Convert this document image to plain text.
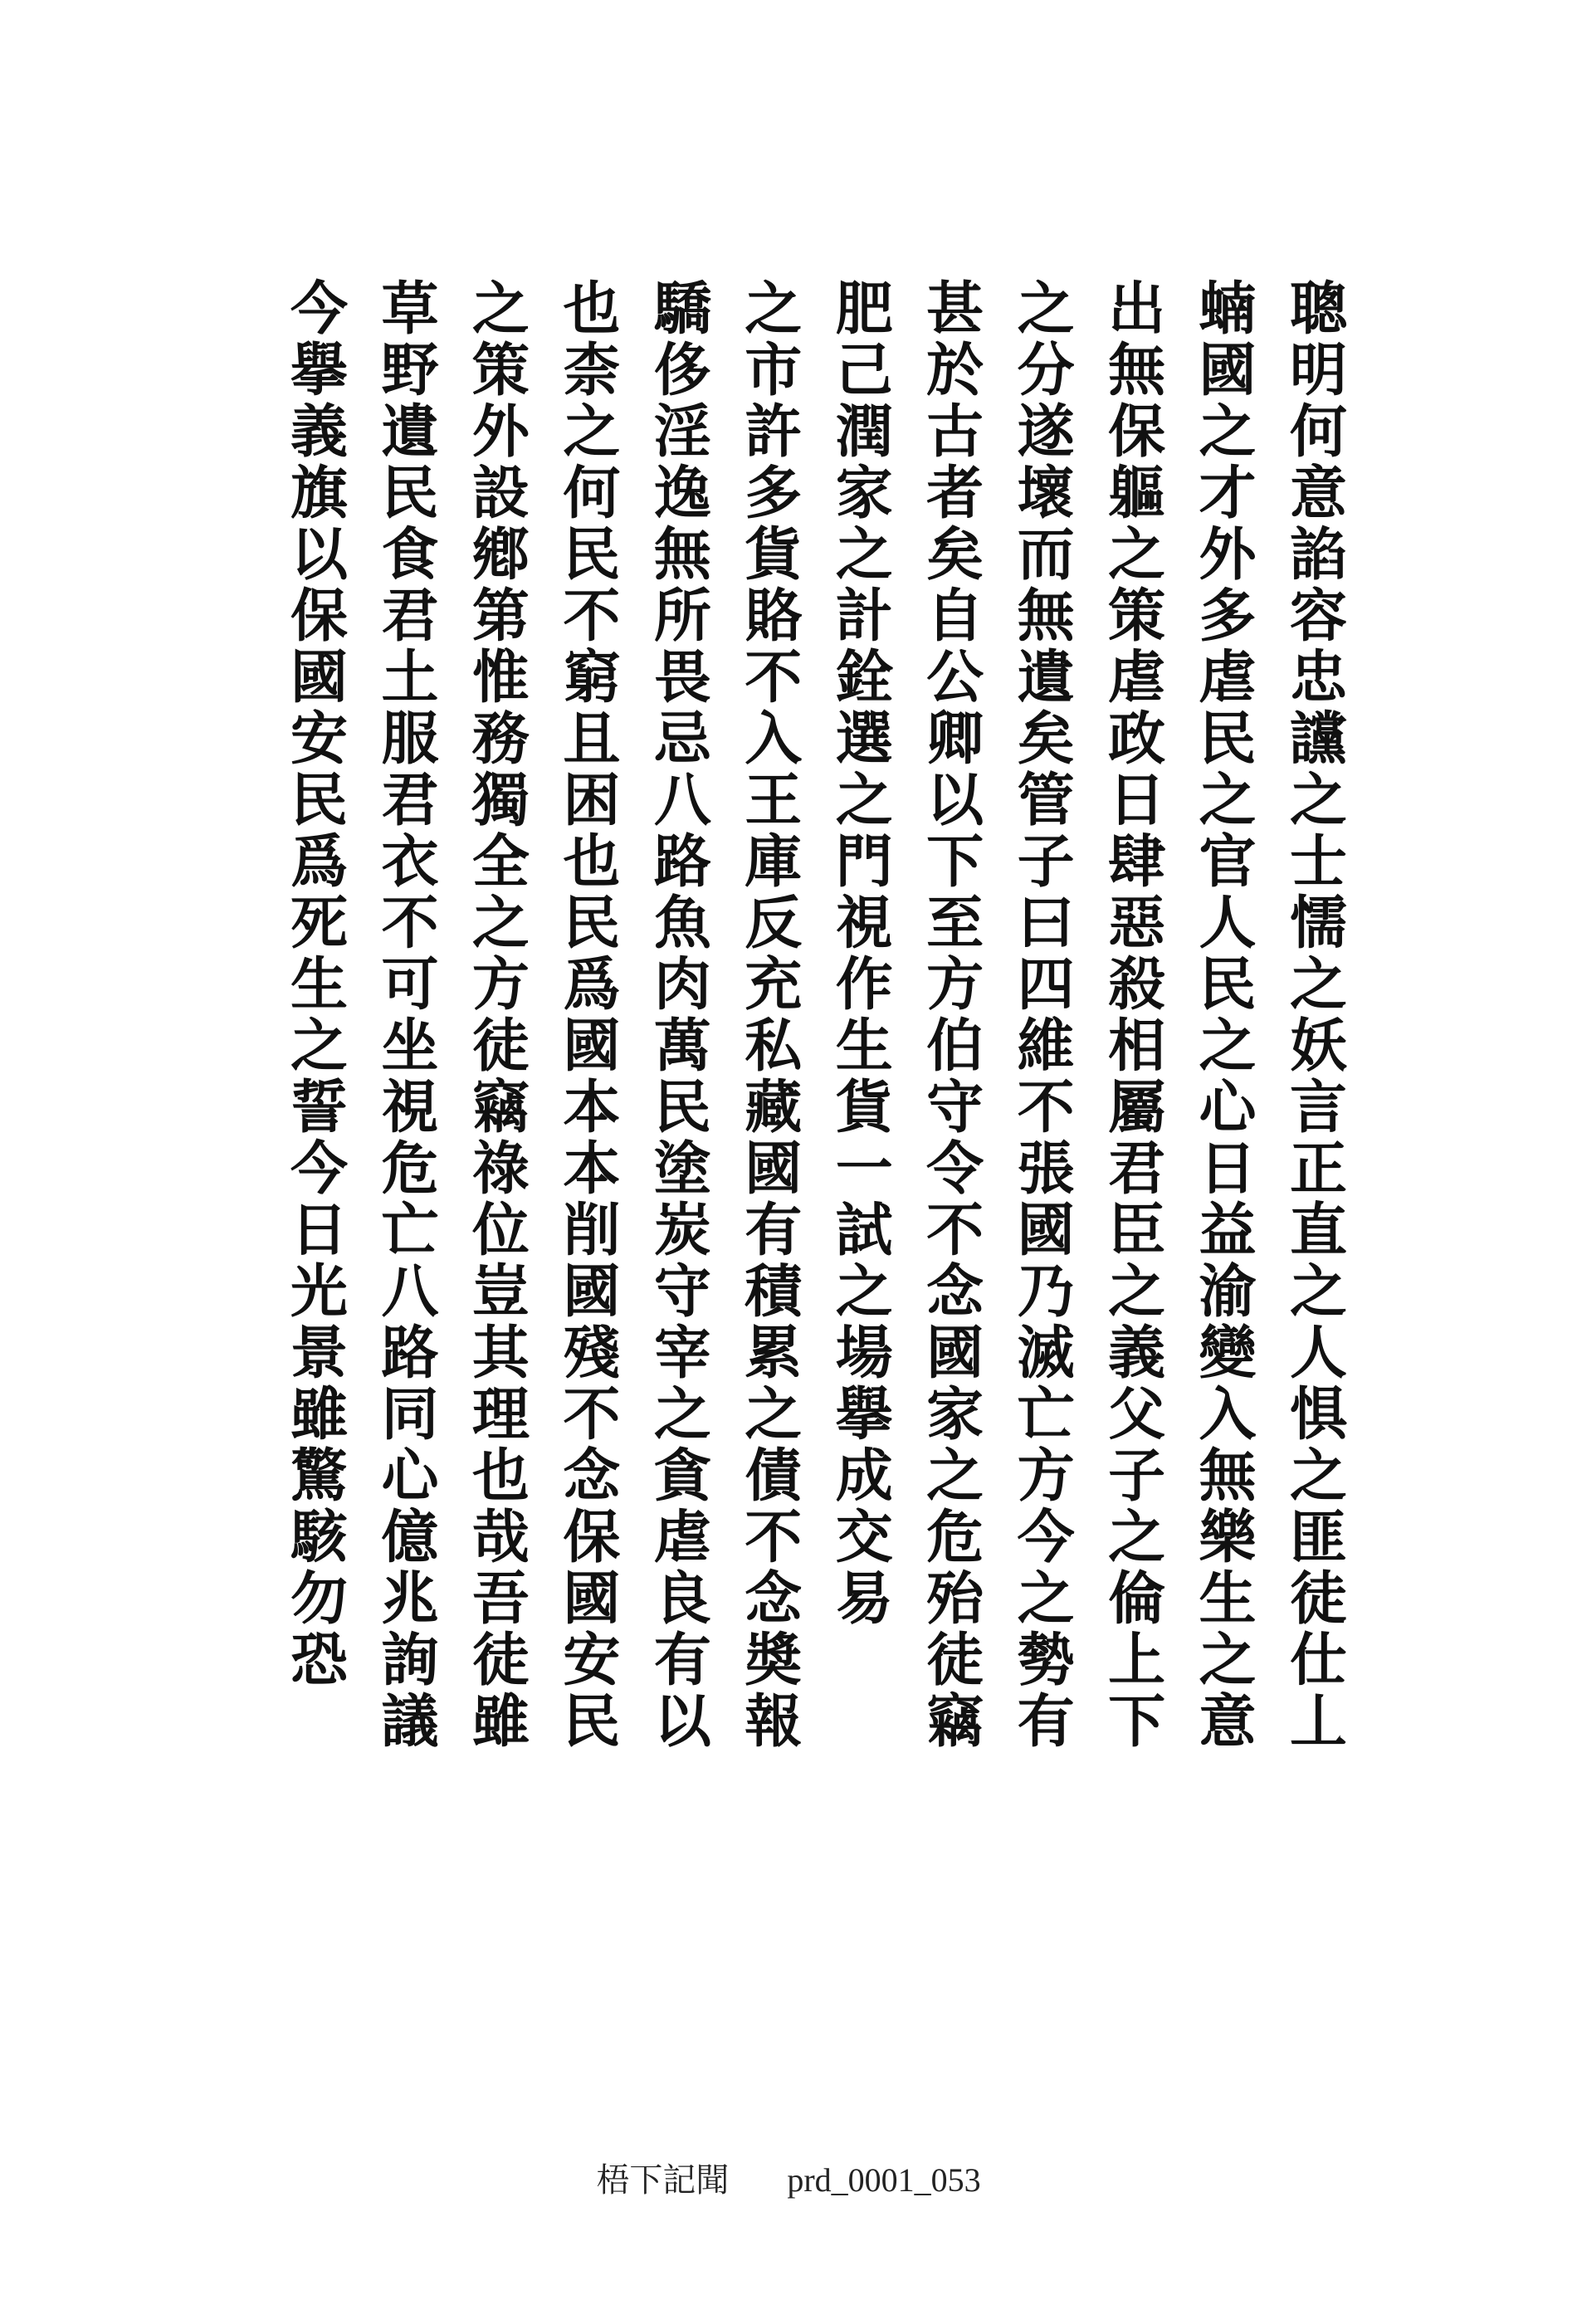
聰明何意諂容忠讜之士懦之妖言正直之人惧之匪徒仕丄
蝻國之才外多虐民之官人民之心日益渝變入無樂生之意
出無保軀之策虐政日肆惡殺相屬君臣之義父子之倫上下
之分遂壞而無遺矣管子曰四維不張國乃滅亡方今之勢有
甚於古者矣自公卿以下至方伯守令不念國家之危殆徒竊
肥己潤家之計銓選之門視作生貨一試之場擧成交易
之市許多貨賂不入王庫反充私藏國有積累之債不念奬報
驕侈淫逸無所畏忌八路魚肉萬民塗炭守宰之貪虐良有以
也柰之何民不窮且困也民爲國本本削國殘不念保國安民
之策外設鄕第惟務獨全之方徒竊祿位豈其理也哉吾徒雖
草野遺民食君土服君衣不可坐視危亡八路同心億兆詢議
今擧義旗以保國安民爲死生之誓今日光景雖驚駭勿恐
梧下記聞 prd_0001_053
